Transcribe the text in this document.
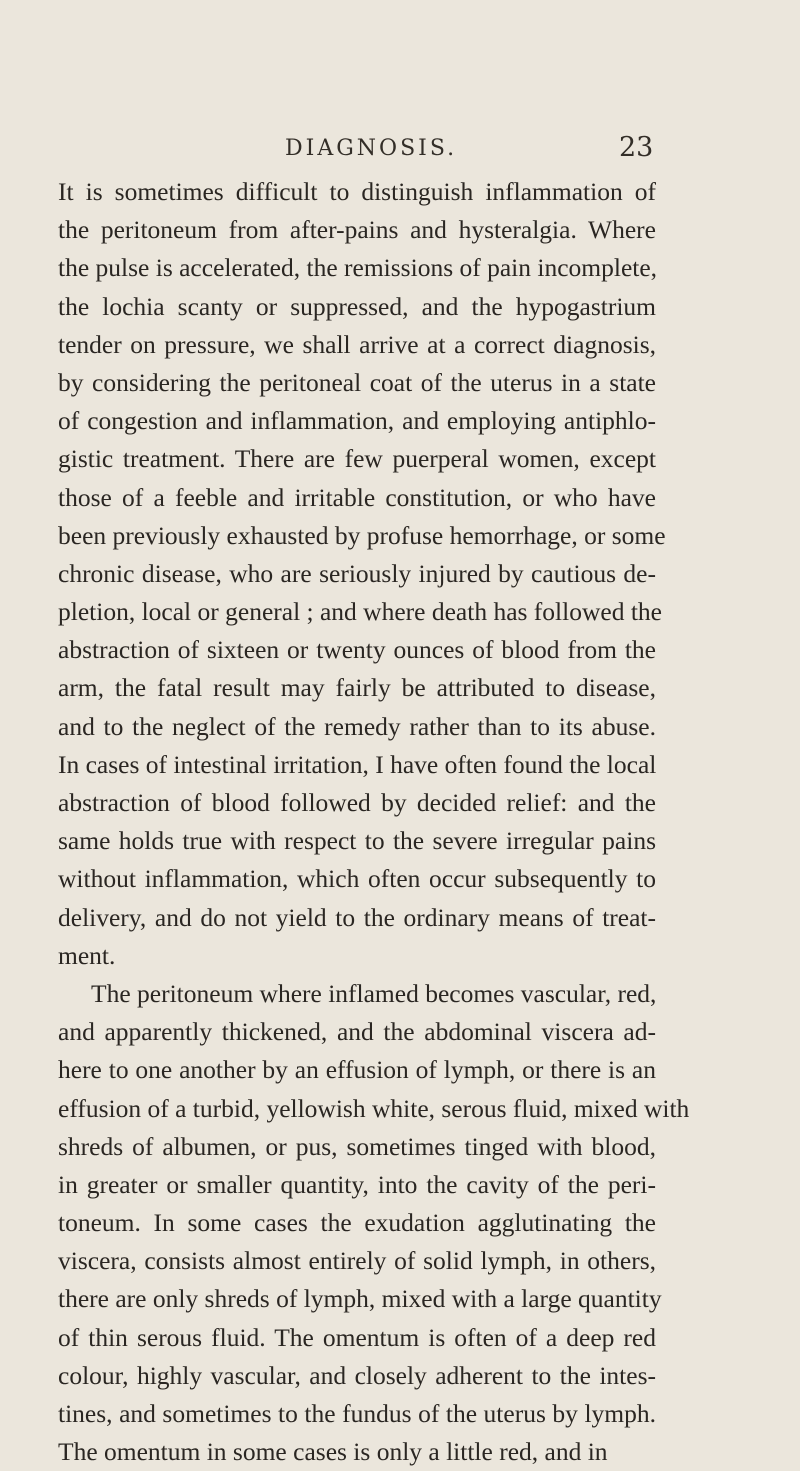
DIAGNOSIS.	23
It is sometimes difficult to distinguish inflammation of
the peritoneum from after-pains and hysteralgia. Where
the pulse is accelerated, the remissions of pain incomplete,
the lochia scanty or suppressed, and the hypogastrium
tender on pressure, we shall arrive at a correct diagnosis,
by considering the peritoneal coat of the uterus in a state
of congestion and inflammation, and employing antiphlo-
gistic treatment. There are few puerperal women, except
those of a feeble and irritable constitution, or who have
been previously exhausted by profuse hemorrhage, or some
chronic disease, who are seriously injured by cautious de-
pletion, local or general ; and where death has followed the
abstraction of sixteen or twenty ounces of blood from the
arm, the fatal result may fairly be attributed to disease,
and to the neglect of the remedy rather than to its abuse.
In cases of intestinal irritation, I have often found the local
abstraction of blood followed by decided relief: and the
same holds true with respect to the severe irregular pains
without inflammation, which often occur subsequently to
delivery, and do not yield to the ordinary means of treat-
ment.
The peritoneum where inflamed becomes vascular, red,
and apparently thickened, and the abdominal viscera ad-
here to one another by an effusion of lymph, or there is an
effusion of a turbid, yellowish white, serous fluid, mixed with
shreds of albumen, or pus, sometimes tinged with blood,
in greater or smaller quantity, into the cavity of the peri-
toneum. In some cases the exudation agglutinating the
viscera, consists almost entirely of solid lymph, in others,
there are only shreds of lymph, mixed with a large quantity
of thin serous fluid. The omentum is often of a deep red
colour, highly vascular, and closely adherent to the intes-
tines, and sometimes to the fundus of the uterus by lymph.
The omentum in some cases is only a little red, and in
